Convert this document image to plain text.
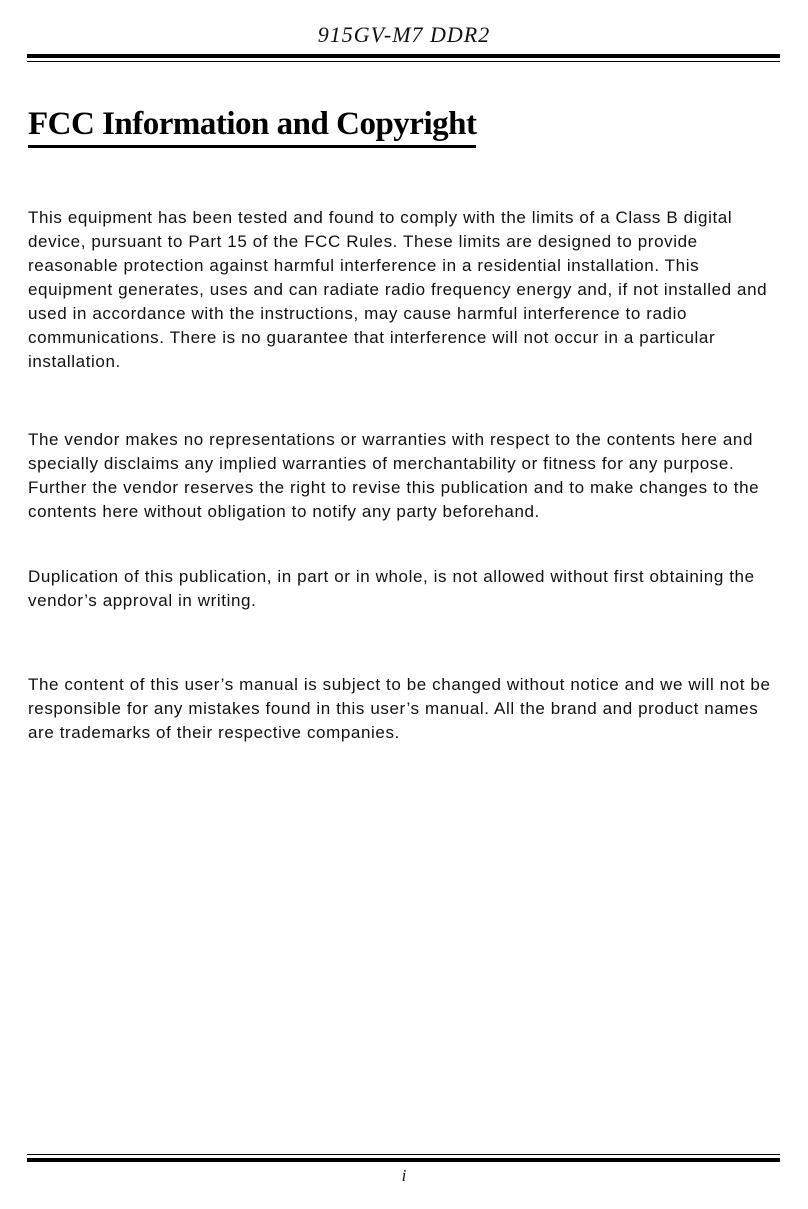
915GV-M7 DDR2
FCC Information and Copyright

This equipment has been tested and found to comply with the limits of a Class B digital device, pursuant to Part 15 of the FCC Rules. These limits are designed to provide reasonable protection against harmful interference in a residential installation. This equipment generates, uses and can radiate radio frequency energy and, if not installed and used in accordance with the instructions, may cause harmful interference to radio communications. There is no guarantee that interference will not occur in a particular installation.

The vendor makes no representations or warranties with respect to the contents here and specially disclaims any implied warranties of merchantability or fitness for any purpose. Further the vendor reserves the right to revise this publication and to make changes to the contents here without obligation to notify any party beforehand.

Duplication of this publication, in part or in whole, is not allowed without first obtaining the vendor’s approval in writing.

The content of this user’s manual is subject to be changed without notice and we will not be responsible for any mistakes found in this user’s manual. All the brand and product names are trademarks of their respective companies.

i
